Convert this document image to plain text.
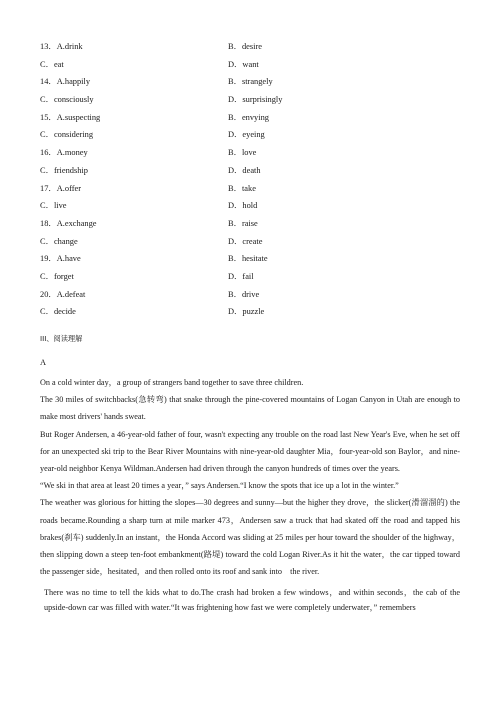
13．A.drink	B．desire
C．eat	D．want
14．A.happily	B．strangely
C．consciously	D．surprisingly
15．A.suspecting	B．envying
C．considering	D．eyeing
16．A.money	B．love
C．friendship	D．death
17．A.offer	B．take
C．live	D．hold
18．A.exchange	B．raise
C．change	D．create
19．A.have	B．hesitate
C．forget	D．fail
20．A.defeat	B．drive
C．decide	D．puzzle
III、阅读理解
A

On a cold winter day，a group of strangers band together to save three children.

The 30 miles of switchbacks(急转弯) that snake through the pine-covered mountains of Logan Canyon in Utah are enough to make most drivers' hands sweat.

But Roger Andersen, a 46-year-old father of four, wasn't expecting any trouble on the road last New Year's Eve, when he set off for an unexpected ski trip to the Bear River Mountains with nine-year-old daughter Mia，four-year-old son Baylor，and nine-year-old neighbor Kenya Wildman.Andersen had driven through the canyon hundreds of times over the years.

“We ski in that area at least 20 times a year，” says Andersen.“I know the spots that ice up a lot in the winter.”

The weather was glorious for hitting the slopes—30 degrees and sunny—but the higher they drove，the slicker(滑溜溜的) the roads became.Rounding a sharp turn at mile marker 473，Andersen saw a truck that had skated off the road and tapped his brakes(刹车) suddenly.In an instant，the Honda Accord was sliding at 25 miles per hour toward the shoulder of the highway，then slipping down a steep ten-foot embankment(路堤) toward the cold Logan River.As it hit the water，the car tipped toward the passenger side，hesitated，and then rolled onto its roof and sank into　the river.

There was no time to tell the kids what to do.The crash had broken a few windows，and within seconds，the cab of the upside-down car was filled with water.“It was frightening how fast we were completely underwater，” remembers
